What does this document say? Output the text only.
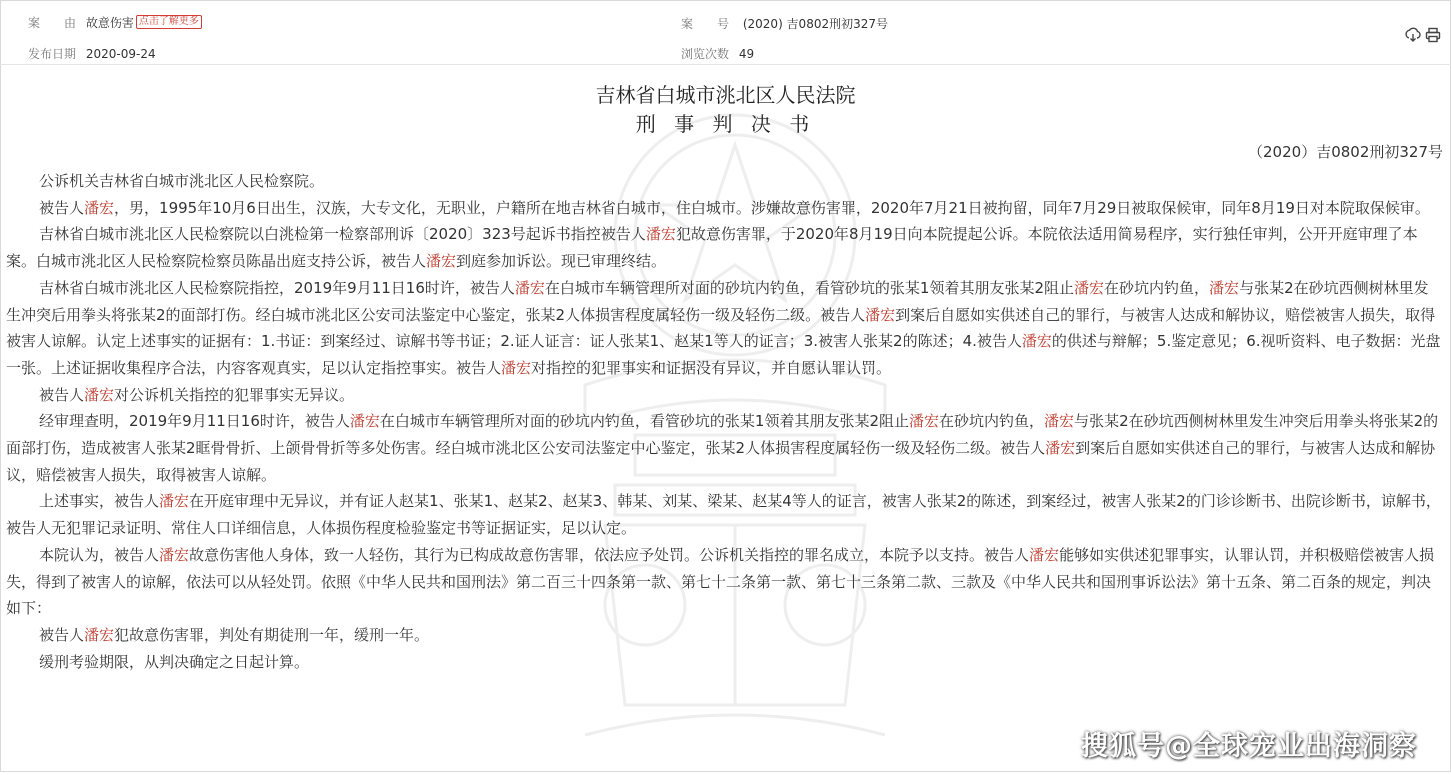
案　　由 故意伤害 点击了解更多
发布日期 2020-09-24
案　　号 (2020) 吉0802刑初327号
浏览次数 49
吉林省白城市洮北区人民法院
刑 事 判 决 书
（2020）吉0802刑初327号

公诉机关吉林省白城市洮北区人民检察院。

被告人潘宏，男，1995年10月6日出生，汉族，大专文化，无职业，户籍所在地吉林省白城市，住白城市。涉嫌故意伤害罪，2020年7月21日被拘留，同年7月29日被取保候审，同年8月19日对本院取保候审。

吉林省白城市洮北区人民检察院以白洮检第一检察部刑诉〔2020〕323号起诉书指控被告人潘宏犯故意伤害罪，于2020年8月19日向本院提起公诉。本院依法适用简易程序，实行独任审判，公开开庭审理了本案。白城市洮北区人民检察院检察员陈晶出庭支持公诉，被告人潘宏到庭参加诉讼。现已审理终结。

吉林省白城市洮北区人民检察院指控，2019年9月11日16时许，被告人潘宏在白城市车辆管理所对面的砂坑内钓鱼，看管砂坑的张某1领着其朋友张某2阻止潘宏在砂坑内钓鱼，潘宏与张某2在砂坑西侧树林里发生冲突后用拳头将张某2的面部打伤。经白城市洮北区公安司法鉴定中心鉴定，张某2人体损害程度属轻伤一级及轻伤二级。被告人潘宏到案后自愿如实供述自己的罪行，与被害人达成和解协议，赔偿被害人损失，取得被害人谅解。认定上述事实的证据有：1.书证：到案经过、谅解书等书证；2.证人证言：证人张某1、赵某1等人的证言；3.被害人张某2的陈述；4.被告人潘宏的供述与辩解；5.鉴定意见；6.视听资料、电子数据：光盘一张。上述证据收集程序合法，内容客观真实，足以认定指控事实。被告人潘宏对指控的犯罪事实和证据没有异议，并自愿认罪认罚。

被告人潘宏对公诉机关指控的犯罪事实无异议。

经审理查明，2019年9月11日16时许，被告人潘宏在白城市车辆管理所对面的砂坑内钓鱼，看管砂坑的张某1领着其朋友张某2阻止潘宏在砂坑内钓鱼，潘宏与张某2在砂坑西侧树林里发生冲突后用拳头将张某2的面部打伤，造成被害人张某2眶骨骨折、上颌骨骨折等多处伤害。经白城市洮北区公安司法鉴定中心鉴定，张某2人体损害程度属轻伤一级及轻伤二级。被告人潘宏到案后自愿如实供述自己的罪行，与被害人达成和解协议，赔偿被害人损失，取得被害人谅解。

上述事实，被告人潘宏在开庭审理中无异议，并有证人赵某1、张某1、赵某2、赵某3、韩某、刘某、梁某、赵某4等人的证言，被害人张某2的陈述，到案经过，被害人张某2的门诊诊断书、出院诊断书，谅解书，被告人无犯罪记录证明、常住人口详细信息，人体损伤程度检验鉴定书等证据证实，足以认定。

本院认为，被告人潘宏故意伤害他人身体，致一人轻伤，其行为已构成故意伤害罪，依法应予处罚。公诉机关指控的罪名成立，本院予以支持。被告人潘宏能够如实供述犯罪事实，认罪认罚，并积极赔偿被害人损失，得到了被害人的谅解，依法可以从轻处罚。依照《中华人民共和国刑法》第二百三十四条第一款、第七十二条第一款、第七十三条第二款、三款及《中华人民共和国刑事诉讼法》第十五条、第二百条的规定，判决如下：

被告人潘宏犯故意伤害罪，判处有期徒刑一年，缓刑一年。

缓刑考验期限，从判决确定之日起计算。

搜狐号@全球宠业出海洞察
